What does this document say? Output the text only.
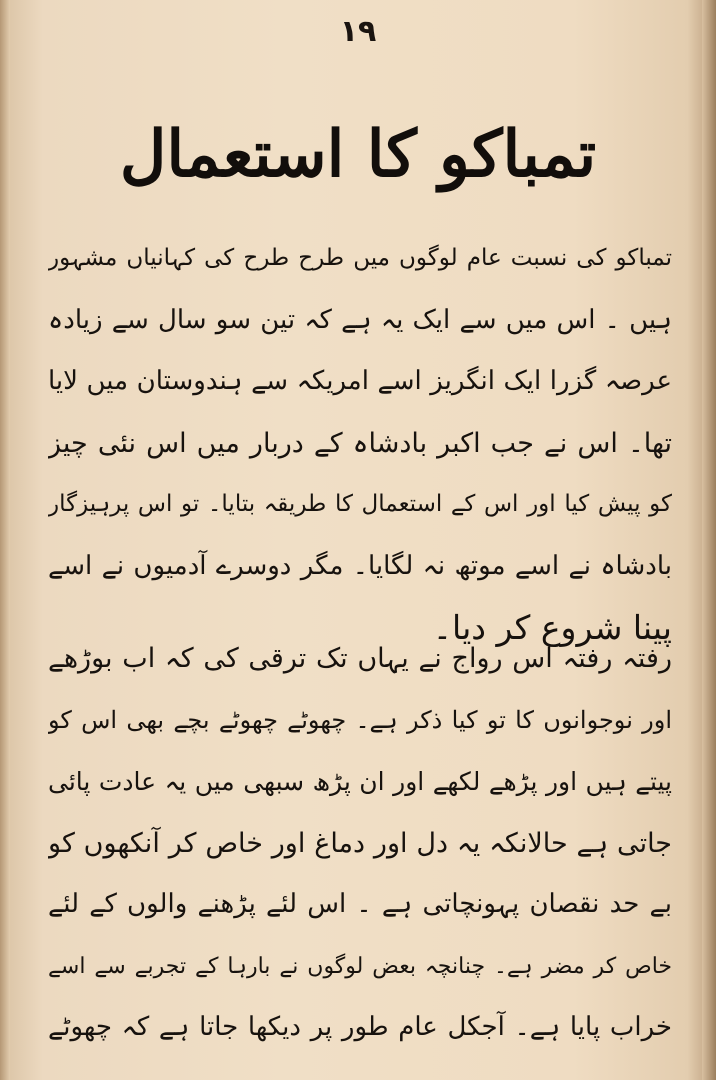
۱۹
تمباکو کا استعمال
تمباکو کی نسبت عام لوگوں میں طرح طرح کی کہانیاں مشہور
ہیں ۔ اس میں سے ایک یہ ہے کہ تین سو سال سے زیادہ
عرصہ گزرا ایک انگریز اسے امریکہ سے ہندوستان میں لایا
تھا۔ اس نے جب اکبر بادشاہ کے دربار میں اس نئی چیز
کو پیش کیا اور اس کے استعمال کا طریقہ بتایا۔ تو اس پرہیزگار
بادشاہ نے اسے موتھ نہ لگایا۔ مگر دوسرے آدمیوں نے اسے
پینا شروع کر دیا۔
رفتہ رفتہ اس رواج نے یہاں تک ترقی کی کہ اب بوڑھے
اور نوجوانوں کا تو کیا ذکر ہے۔ چھوٹے چھوٹے بچے بھی اس کو
پیتے ہیں اور پڑھے لکھے اور ان پڑھ سبھی میں یہ عادت پائی
جاتی ہے حالانکہ یہ دل اور دماغ اور خاص کر آنکھوں کو
بے حد نقصان پہونچاتی ہے ۔ اس لئے پڑھنے والوں کے لئے
خاص کر مضر ہے۔ چنانچہ بعض لوگوں نے بارہا کے تجربے سے اسے
خراب پایا ہے۔ آجکل عام طور پر دیکھا جاتا ہے کہ چھوٹے
